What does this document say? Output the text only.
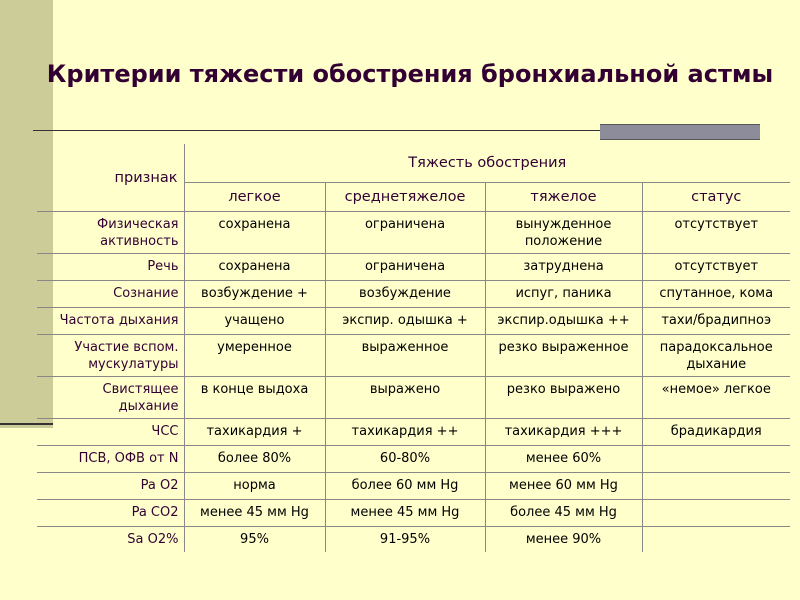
Критерии тяжести обострения бронхиальной астмы
признак	Тяжесть обострения			
	легкое	среднетяжелое	тяжелое	статус
Физическая активность	сохранена	ограничена	вынужденное положение	отсутствует
Речь	сохранена	ограничена	затруднена	отсутствует
Сознание	возбуждение +	возбуждение	испуг, паника	спутанное, кома
Частота дыхания	учащено	экспир. одышка +	экспир.одышка ++	тахи/брадипноэ
Участие вспом. мускулатуры	умеренное	выраженное	резко выраженное	парадоксальное дыхание
Свистящее дыхание	в конце выдоха	выражено	резко выражено	«немое» легкое
ЧСС	тахикардия +	тахикардия ++	тахикардия +++	брадикардия
ПСВ, ОФВ от N	более 80%	60-80%	менее 60%	
Pa O2	норма	более 60 мм Hg	менее 60 мм Hg	
Pa CO2	менее 45 мм Hg	менее 45 мм Hg	более 45 мм Hg	
Sa O2%	95%	91-95%	менее 90%	
